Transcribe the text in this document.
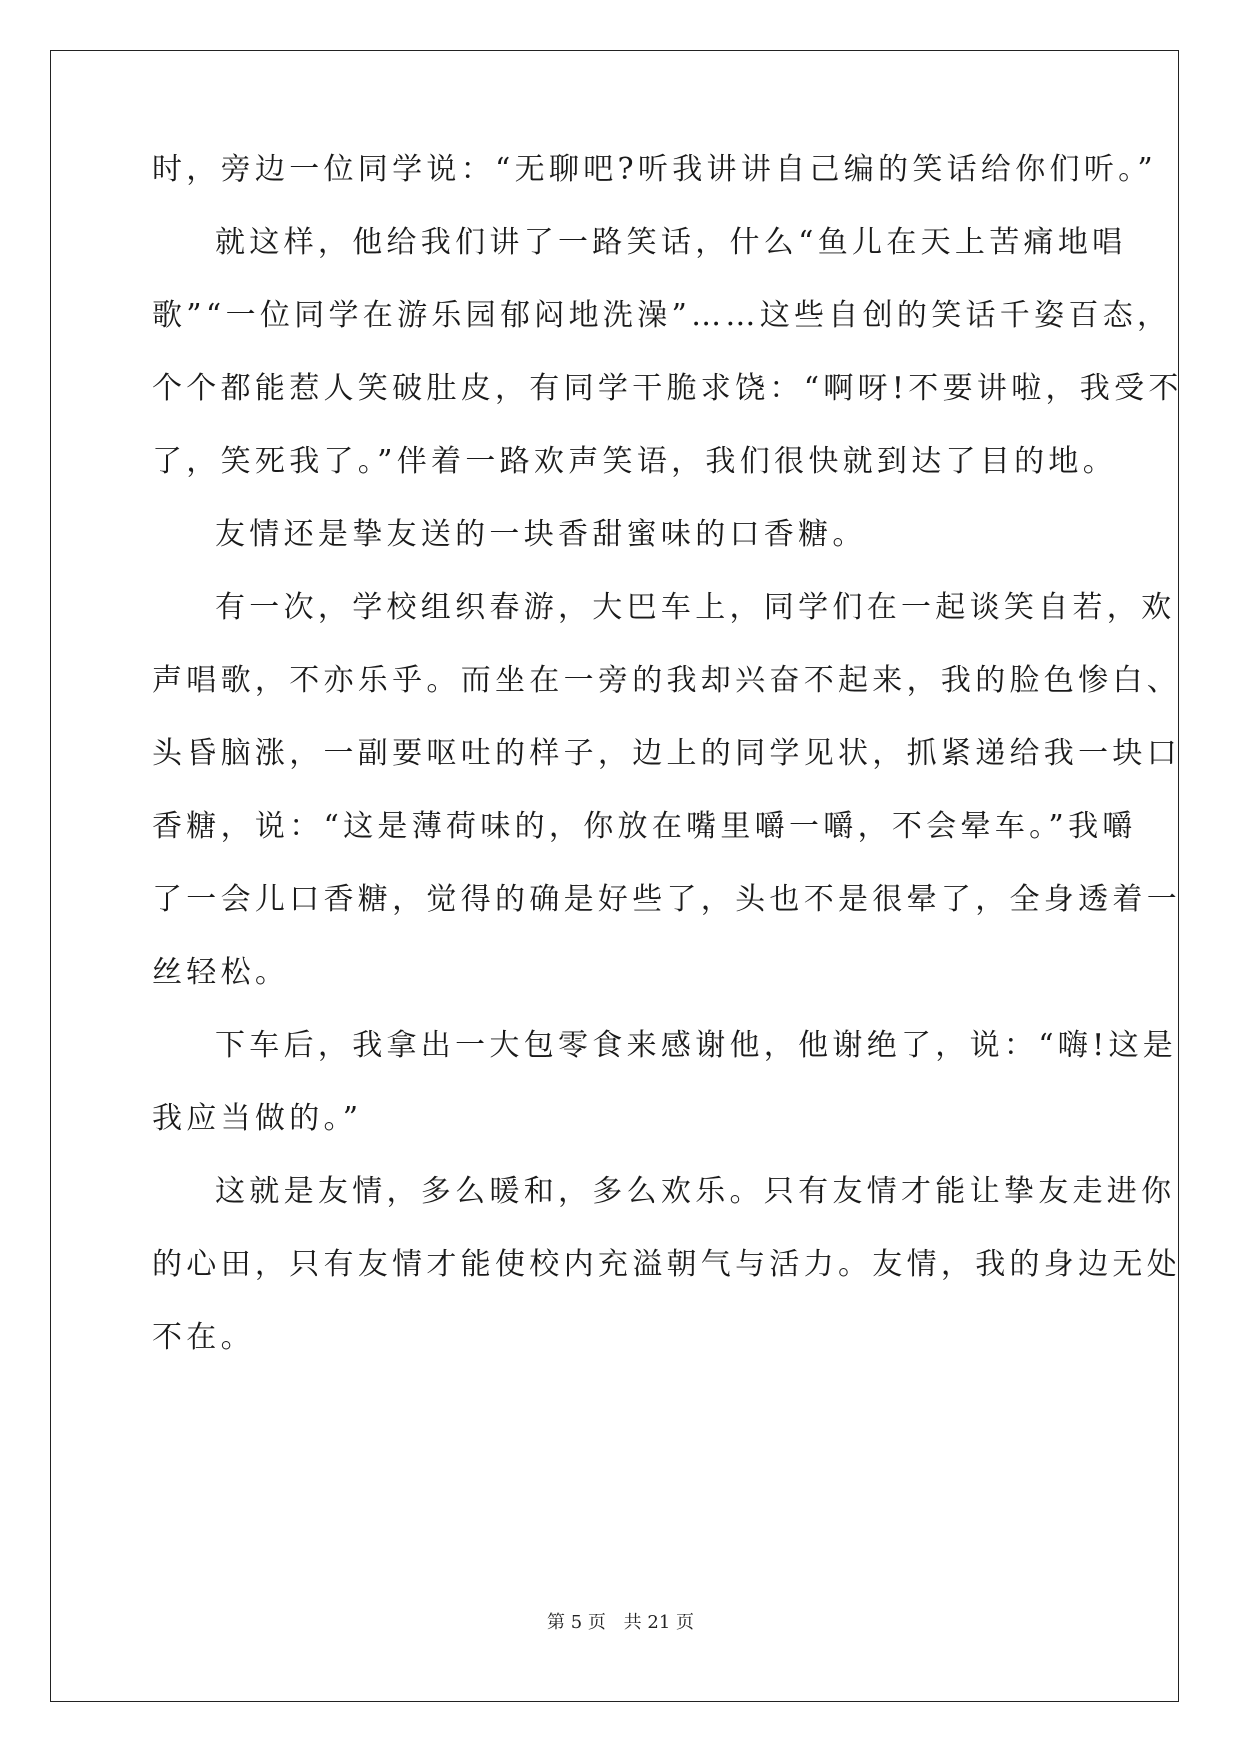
时，旁边一位同学说：“无聊吧?听我讲讲自己编的笑话给你们听。”
就这样，他给我们讲了一路笑话，什么“鱼儿在天上苦痛地唱
歌”“一位同学在游乐园郁闷地洗澡”……这些自创的笑话千姿百态，
个个都能惹人笑破肚皮，有同学干脆求饶：“啊呀!不要讲啦，我受不
了，笑死我了。”伴着一路欢声笑语，我们很快就到达了目的地。
友情还是挚友送的一块香甜蜜味的口香糖。
有一次，学校组织春游，大巴车上，同学们在一起谈笑自若，欢
声唱歌，不亦乐乎。而坐在一旁的我却兴奋不起来，我的脸色惨白、
头昏脑涨，一副要呕吐的样子，边上的同学见状，抓紧递给我一块口
香糖，说：“这是薄荷味的，你放在嘴里嚼一嚼，不会晕车。”我嚼
了一会儿口香糖，觉得的确是好些了，头也不是很晕了，全身透着一
丝轻松。
下车后，我拿出一大包零食来感谢他，他谢绝了，说：“嗨!这是
我应当做的。”
这就是友情，多么暖和，多么欢乐。只有友情才能让挚友走进你
的心田，只有友情才能使校内充溢朝气与活力。友情，我的身边无处
不在。
第 5 页 共 21 页
